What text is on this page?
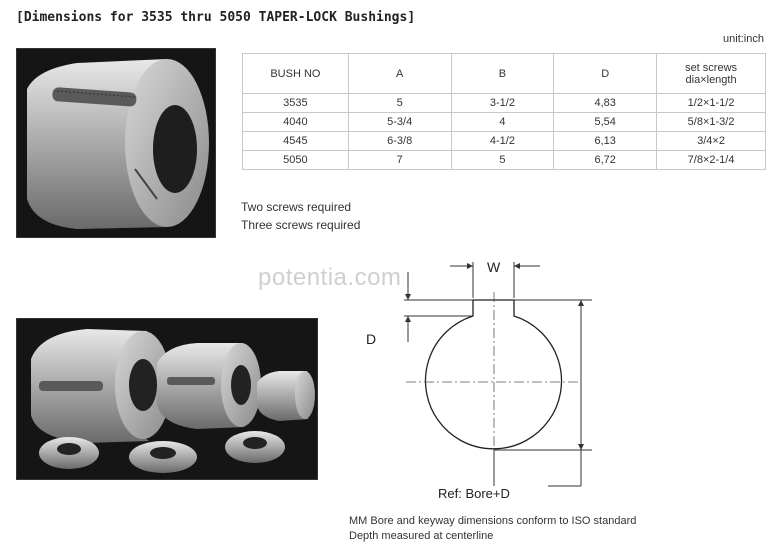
[Dimensions for 3535 thru 5050 TAPER-LOCK Bushings]
unit:inch
BUSH NO	A	B	D	set screws
dia×length

3535	5	3-1/2	4,83	1/2×1-1/2
4040	5-3/4	4	5,54	5/8×1-3/2
4545	6-3/8	4-1/2	6,13	3/4×2
5050	7	5	6,72	7/8×2-1/4
Two screws required
Three screws required
potentia.com	W
D
Ref: Bore+D
MM Bore and keyway dimensions conform to ISO standard
Depth measured at centerline
